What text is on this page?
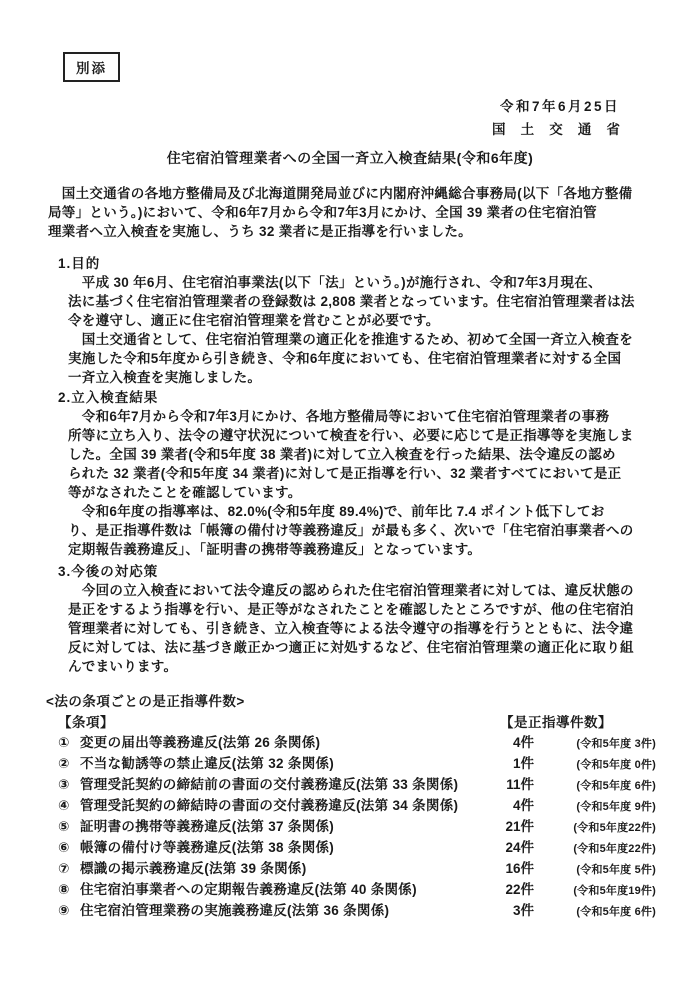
別添
令和7年6月25日
国土交通省
住宅宿泊管理業者への全国一斉立入検査結果(令和6年度)
　国土交通省の各地方整備局及び北海道開発局並びに内閣府沖縄総合事務局(以下「各地方整備
局等」という。)において、令和6年7月から令和7年3月にかけ、全国 39 業者の住宅宿泊管
理業者へ立入検査を実施し、うち 32 業者に是正指導を行いました。
1.目的
　平成 30 年6月、住宅宿泊事業法(以下「法」という。)が施行され、令和7年3月現在、
法に基づく住宅宿泊管理業者の登録数は 2,808 業者となっています。住宅宿泊管理業者は法
令を遵守し、適正に住宅宿泊管理業を営むことが必要です。
　国土交通省として、住宅宿泊管理業の適正化を推進するため、初めて全国一斉立入検査を
実施した令和5年度から引き続き、令和6年度においても、住宅宿泊管理業者に対する全国
一斉立入検査を実施しました。
2.立入検査結果
　令和6年7月から令和7年3月にかけ、各地方整備局等において住宅宿泊管理業者の事務
所等に立ち入り、法令の遵守状況について検査を行い、必要に応じて是正指導等を実施しま
した。全国 39 業者(令和5年度 38 業者)に対して立入検査を行った結果、法令違反の認め
られた 32 業者(令和5年度 34 業者)に対して是正指導を行い、32 業者すべてにおいて是正
等がなされたことを確認しています。
　令和6年度の指導率は、82.0%(令和5年度 89.4%)で、前年比 7.4 ポイント低下してお
り、是正指導件数は「帳簿の備付け等義務違反」が最も多く、次いで「住宅宿泊事業者への
定期報告義務違反」、「証明書の携帯等義務違反」となっています。
3.今後の対応策
　今回の立入検査において法令違反の認められた住宅宿泊管理業者に対しては、違反状態の
是正をするよう指導を行い、是正等がなされたことを確認したところですが、他の住宅宿泊
管理業者に対しても、引き続き、立入検査等による法令遵守の指導を行うとともに、法令違
反に対しては、法に基づき厳正かつ適正に対処するなど、住宅宿泊管理業の適正化に取り組
んでまいります。
<法の条項ごとの是正指導件数>
【条項】	【是正指導件数】
① 変更の届出等義務違反(法第 26 条関係)	4件	(令和5年度 3件)
② 不当な勧誘等の禁止違反(法第 32 条関係)	1件	(令和5年度 0件)
③ 管理受託契約の締結前の書面の交付義務違反(法第 33 条関係)	11件	(令和5年度 6件)
④ 管理受託契約の締結時の書面の交付義務違反(法第 34 条関係)	4件	(令和5年度 9件)
⑤ 証明書の携帯等義務違反(法第 37 条関係)	21件	(令和5年度22件)
⑥ 帳簿の備付け等義務違反(法第 38 条関係)	24件	(令和5年度22件)
⑦ 標識の掲示義務違反(法第 39 条関係)	16件	(令和5年度 5件)
⑧ 住宅宿泊事業者への定期報告義務違反(法第 40 条関係)	22件	(令和5年度19件)
⑨ 住宅宿泊管理業務の実施義務違反(法第 36 条関係)	3件	(令和5年度 6件)
